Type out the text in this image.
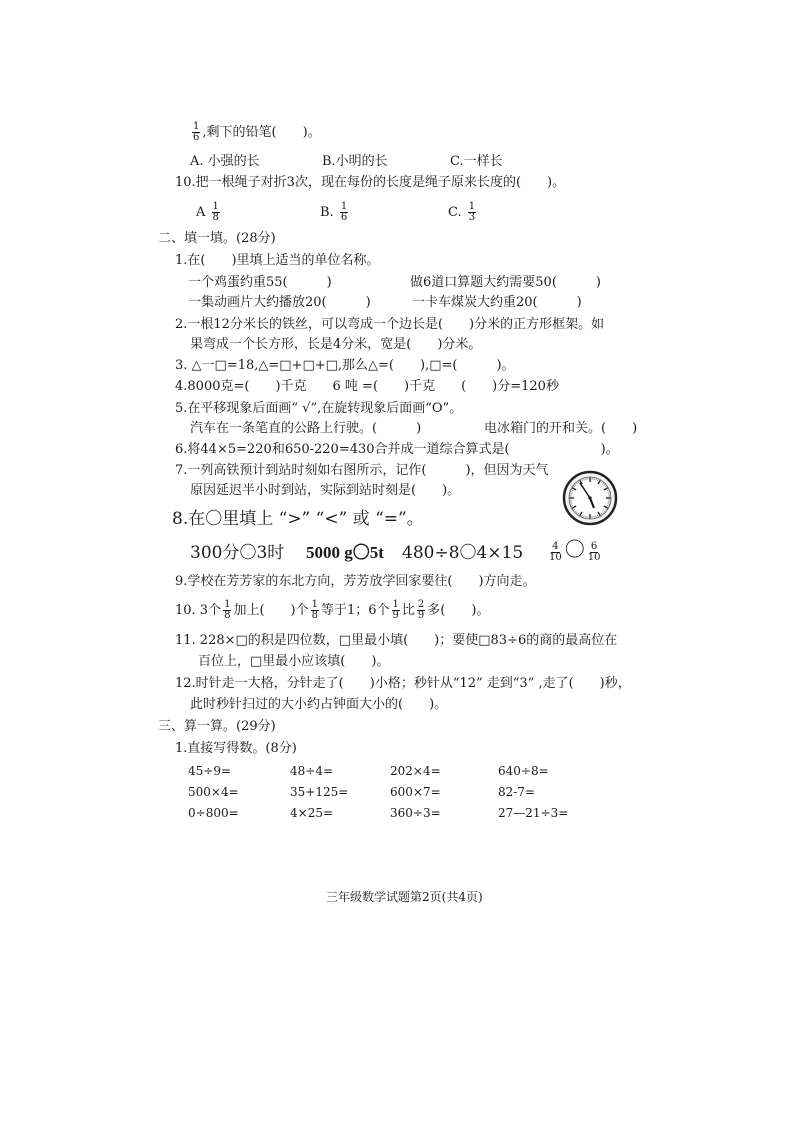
$\frac{1}{6}$ ,剩下的铅笔(　　)。
A. 小强的长	B.小明的长	C.一样长
10.把一根绳子对折3次，现在每份的长度是绳子原来长度的(　　)。
A $\frac{1}{8}$	B. $\frac{1}{6}$	C. $\frac{1}{3}$
二、填一填。(28分)
1.在(　　)里填上适当的单位名称。
一个鸡蛋约重55(　　　)	做6道口算题大约需要50(　　　)
一集动画片大约播放20(　　　)	一卡车煤炭大约重20(　　　)
2.一根12分米长的铁丝，可以弯成一个边长是(　　)分米的正方形框架。如
果弯成一个长方形，长是4分米，宽是(　　)分米。
3. △一□=18,△=□+□+□,那么△=(　　),□=(　　　)。
4.8000克=(　　)千克　　6 吨 =(　　)千克　　(　　)分=120秒
5.在平移现象后面画“ √”,在旋转现象后面画“O”。
汽车在一条笔直的公路上行驶。(　　　)	电冰箱门的开和关。(　　)
6.将44×5=220和650-220=430合并成一道综合算式是(　　　　　　　)。
7.一列高铁预计到站时刻如右图所示，记作(　　　)，但因为天气
原因延迟半小时到站，实际到站时刻是(　　)。
8.在〇里填上 “>” “<” 或 “=”。
300分〇3时 5000 g〇5t 480÷8〇$4\times 15 \frac{4}{10}$ 〇 $\frac{6}{10}$
9.学校在芳芳家的东北方向，芳芳放学回家要往(　　)方向走。
10. 3个 $\frac{1}{8}$ 加上(　　)个 $\frac{1}{8}$ 等于1；6个 $\frac{1}{9}$ 比 $\frac{2}{9}$ 多(　　)。
11. 228×□的积是四位数，□里最小填(　　)；要使□83÷6的商的最高位在
百位上，□里最小应该填(　　)。
12.时针走一大格，分针走了(　　)小格；秒针从“12” 走到“3” ,走了(　　)秒，
此时秒针扫过的大小约占钟面大小的(　　)。
三、算一算。(29分)
1.直接写得数。(8分)
45÷9=	48÷4=	202×4=	640÷8=
500×4=	35+125=	600×7=	82-7=
0÷800=	4×25=	360÷3=	27—21÷3=
三年级数学试题第2页(共4页)
